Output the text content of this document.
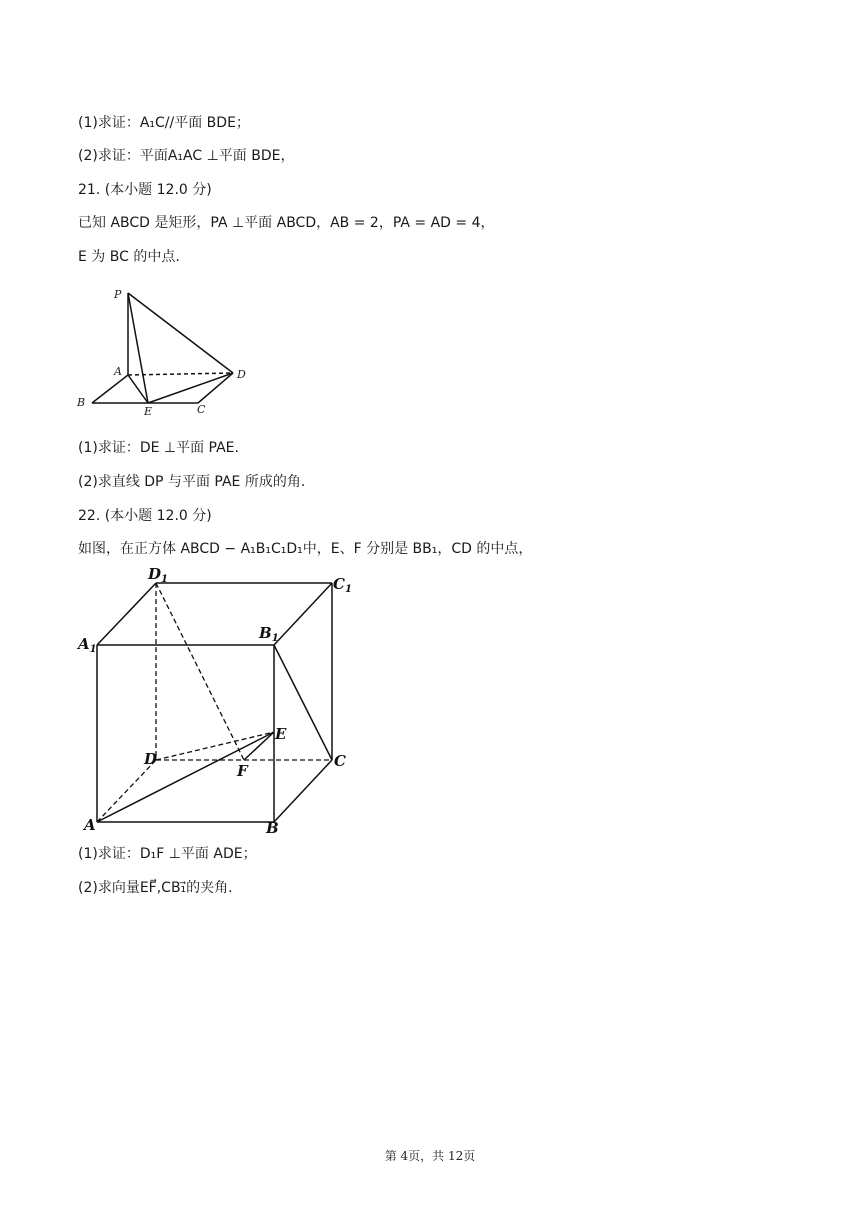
(1)求证：A₁C//平面 BDE；
(2)求证：平面A₁AC ⊥平面 BDE，
21. (本小题 12.0 分)
已知 ABCD 是矩形，PA ⊥平面 ABCD，AB = 2，PA = AD = 4，
E 为 BC 的中点.
P
A
B
E	C
D
(1)求证：DE ⊥平面 PAE.
(2)求直线 DP 与平面 PAE 所成的角.
22. (本小题 12.0 分)
如图，在正方体 ABCD − A₁B₁C₁D₁中，E、F 分别是 BB₁，CD 的中点，
$D_1$	$C_1$
$A_1$
$B_1$
E
D
F
C
A	B
(1)求证：D₁F ⊥平面 ADE；
(2)求向量EF⃗,CB₁⃗的夹角.
第 4页，共 12页
